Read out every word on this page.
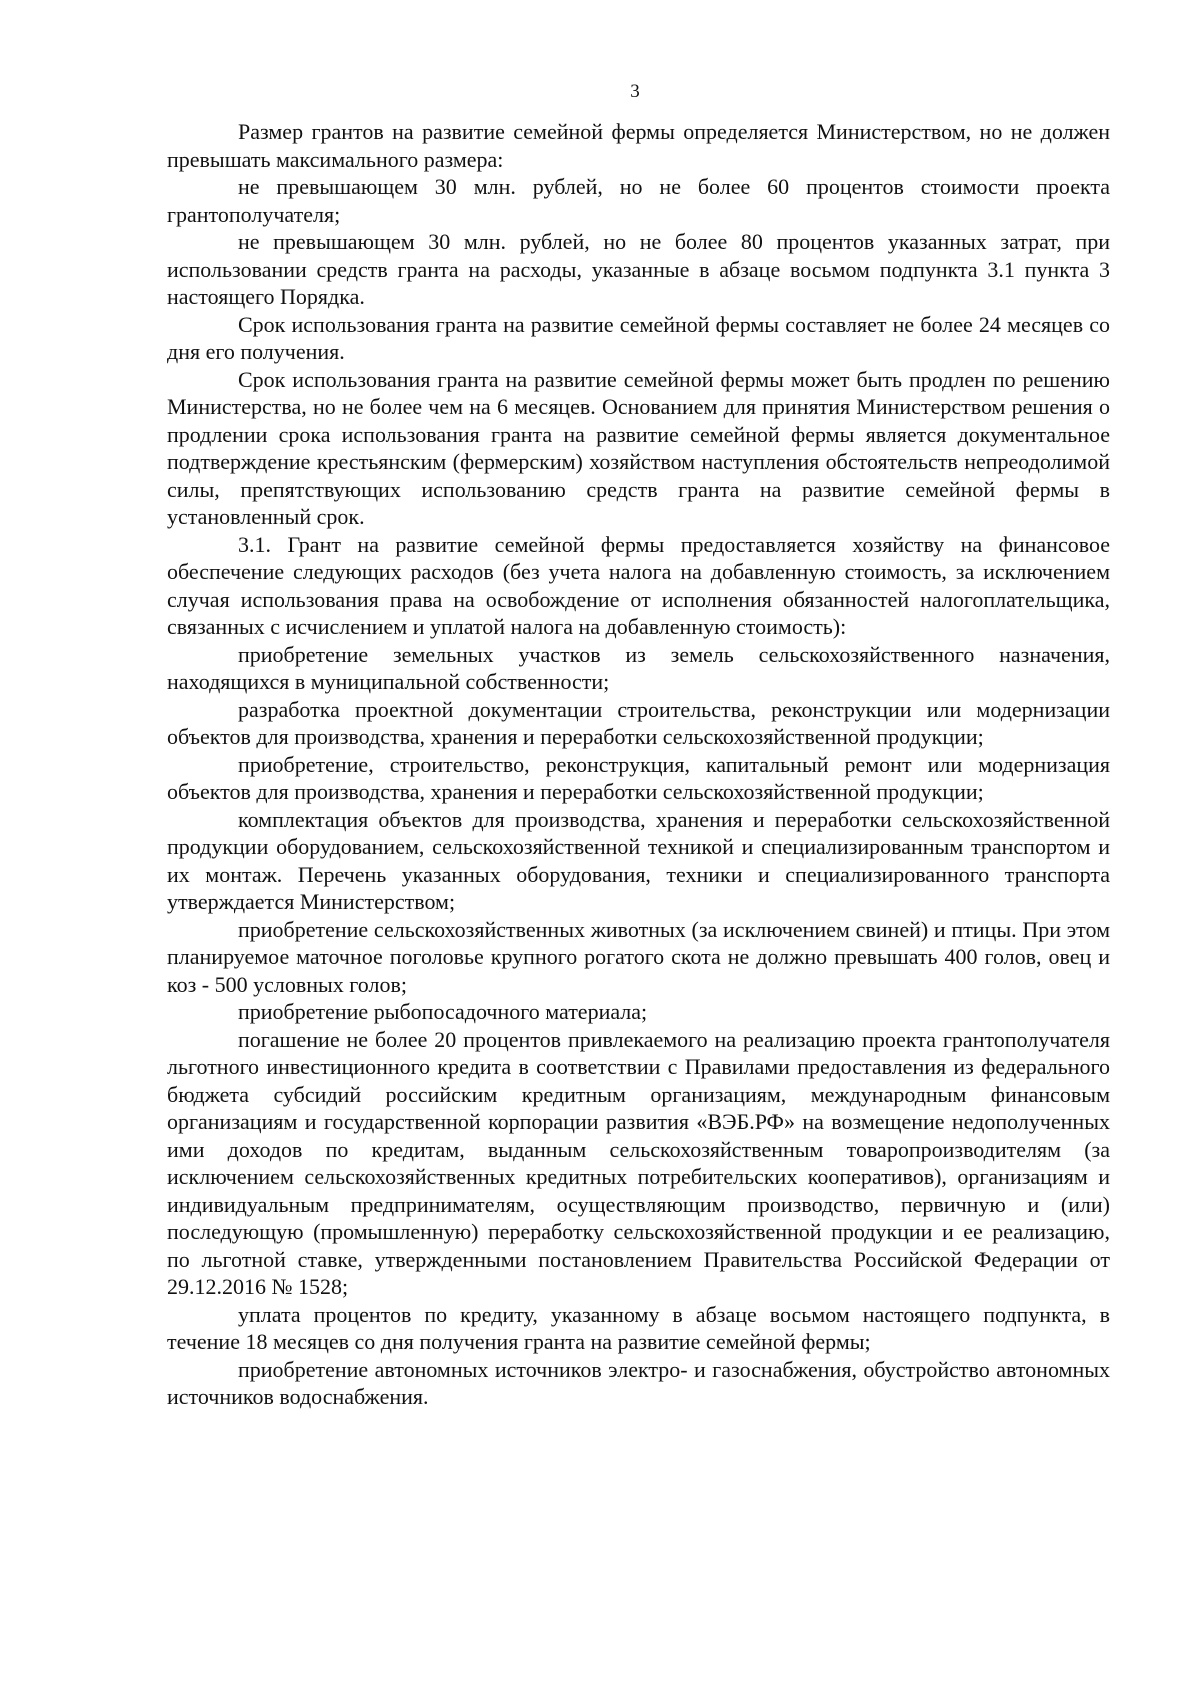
3

Размер грантов на развитие семейной фермы определяется Министерством, но не должен превышать максимального размера:

не превышающем 30 млн. рублей, но не более 60 процентов стоимости проекта грантополучателя;

не превышающем 30 млн. рублей, но не более 80 процентов указанных затрат, при использовании средств гранта на расходы, указанные в абзаце восьмом подпункта 3.1 пункта 3 настоящего Порядка.

Срок использования гранта на развитие семейной фермы составляет не более 24 месяцев со дня его получения.

Срок использования гранта на развитие семейной фермы может быть продлен по решению Министерства, но не более чем на 6 месяцев. Основанием для принятия Министерством решения о продлении срока использования гранта на развитие семейной фермы является документальное подтверждение крестьянским (фермерским) хозяйством наступления обстоятельств непреодолимой силы, препятствующих использованию средств гранта на развитие семейной фермы в установленный срок.

3.1. Грант на развитие семейной фермы предоставляется хозяйству на финансовое обеспечение следующих расходов (без учета налога на добавленную стоимость, за исключением случая использования права на освобождение от исполнения обязанностей налогоплательщика, связанных с исчислением и уплатой налога на добавленную стоимость):

приобретение земельных участков из земель сельскохозяйственного назначения, находящихся в муниципальной собственности;

разработка проектной документации строительства, реконструкции или модернизации объектов для производства, хранения и переработки сельскохозяйственной продукции;

приобретение, строительство, реконструкция, капитальный ремонт или модернизация объектов для производства, хранения и переработки сельскохозяйственной продукции;

комплектация объектов для производства, хранения и переработки сельскохозяйственной продукции оборудованием, сельскохозяйственной техникой и специализированным транспортом и их монтаж. Перечень указанных оборудования, техники и специализированного транспорта утверждается Министерством;

приобретение сельскохозяйственных животных (за исключением свиней) и птицы. При этом планируемое маточное поголовье крупного рогатого скота не должно превышать 400 голов, овец и коз - 500 условных голов;

приобретение рыбопосадочного материала;

погашение не более 20 процентов привлекаемого на реализацию проекта грантополучателя льготного инвестиционного кредита в соответствии с Правилами предоставления из федерального бюджета субсидий российским кредитным организациям, международным финансовым организациям и государственной корпорации развития «ВЭБ.РФ» на возмещение недополученных ими доходов по кредитам, выданным сельскохозяйственным товаропроизводителям (за исключением сельскохозяйственных кредитных потребительских кооперативов), организациям и индивидуальным предпринимателям, осуществляющим производство, первичную и (или) последующую (промышленную) переработку сельскохозяйственной продукции и ее реализацию, по льготной ставке, утвержденными постановлением Правительства Российской Федерации от 29.12.2016 № 1528;

уплата процентов по кредиту, указанному в абзаце восьмом настоящего подпункта, в течение 18 месяцев со дня получения гранта на развитие семейной фермы;

приобретение автономных источников электро- и газоснабжения, обустройство автономных источников водоснабжения.
